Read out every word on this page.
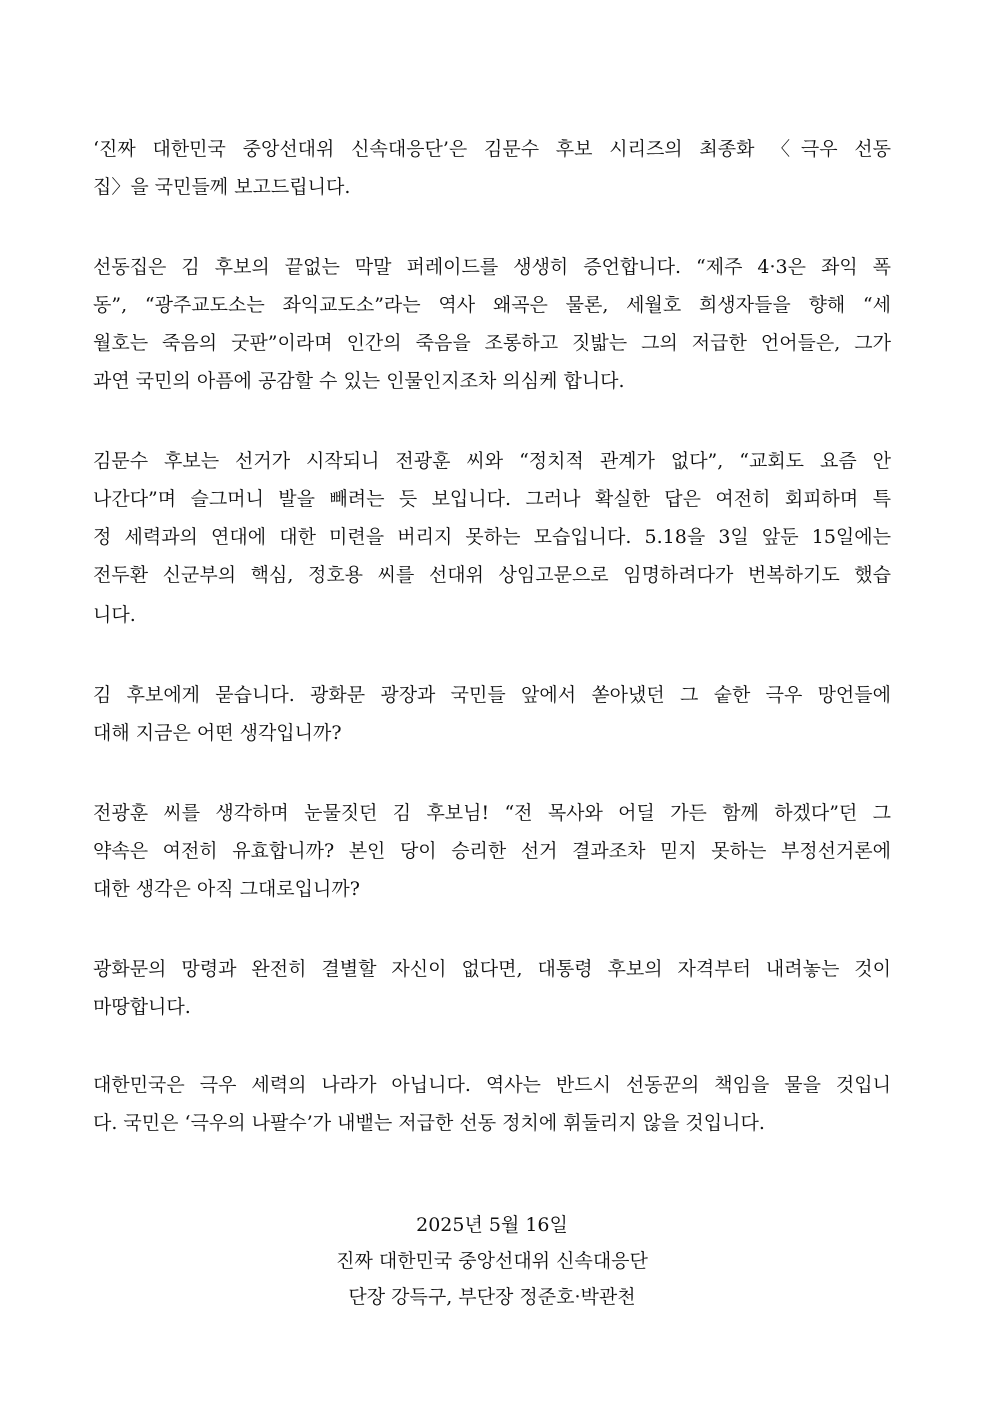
‘진짜 대한민국 중앙선대위 신속대응단’은 김문수 후보 시리즈의 최종화 〈극우 선동
집〉을 국민들께 보고드립니다.
선동집은 김 후보의 끝없는 막말 퍼레이드를 생생히 증언합니다. “제주 4·3은 좌익 폭
동”, “광주교도소는 좌익교도소”라는 역사 왜곡은 물론, 세월호 희생자들을 향해 “세
월호는 죽음의 굿판”이라며 인간의 죽음을 조롱하고 짓밟는 그의 저급한 언어들은, 그가
과연 국민의 아픔에 공감할 수 있는 인물인지조차 의심케 합니다.
김문수 후보는 선거가 시작되니 전광훈 씨와 “정치적 관계가 없다”, “교회도 요즘 안
나간다”며 슬그머니 발을 빼려는 듯 보입니다. 그러나 확실한 답은 여전히 회피하며 특
정 세력과의 연대에 대한 미련을 버리지 못하는 모습입니다. 5.18을 3일 앞둔 15일에는
전두환 신군부의 핵심, 정호용 씨를 선대위 상임고문으로 임명하려다가 번복하기도 했습
니다.
김 후보에게 묻습니다. 광화문 광장과 국민들 앞에서 쏟아냈던 그 숱한 극우 망언들에
대해 지금은 어떤 생각입니까?
전광훈 씨를 생각하며 눈물짓던 김 후보님! “전 목사와 어딜 가든 함께 하겠다”던 그
약속은 여전히 유효합니까? 본인 당이 승리한 선거 결과조차 믿지 못하는 부정선거론에
대한 생각은 아직 그대로입니까?
광화문의 망령과 완전히 결별할 자신이 없다면, 대통령 후보의 자격부터 내려놓는 것이
마땅합니다.
대한민국은 극우 세력의 나라가 아닙니다. 역사는 반드시 선동꾼의 책임을 물을 것입니
다. 국민은 ‘극우의 나팔수’가 내뱉는 저급한 선동 정치에 휘둘리지 않을 것입니다.
2025년 5월 16일
진짜 대한민국 중앙선대위 신속대응단
단장 강득구, 부단장 정준호·박관천
